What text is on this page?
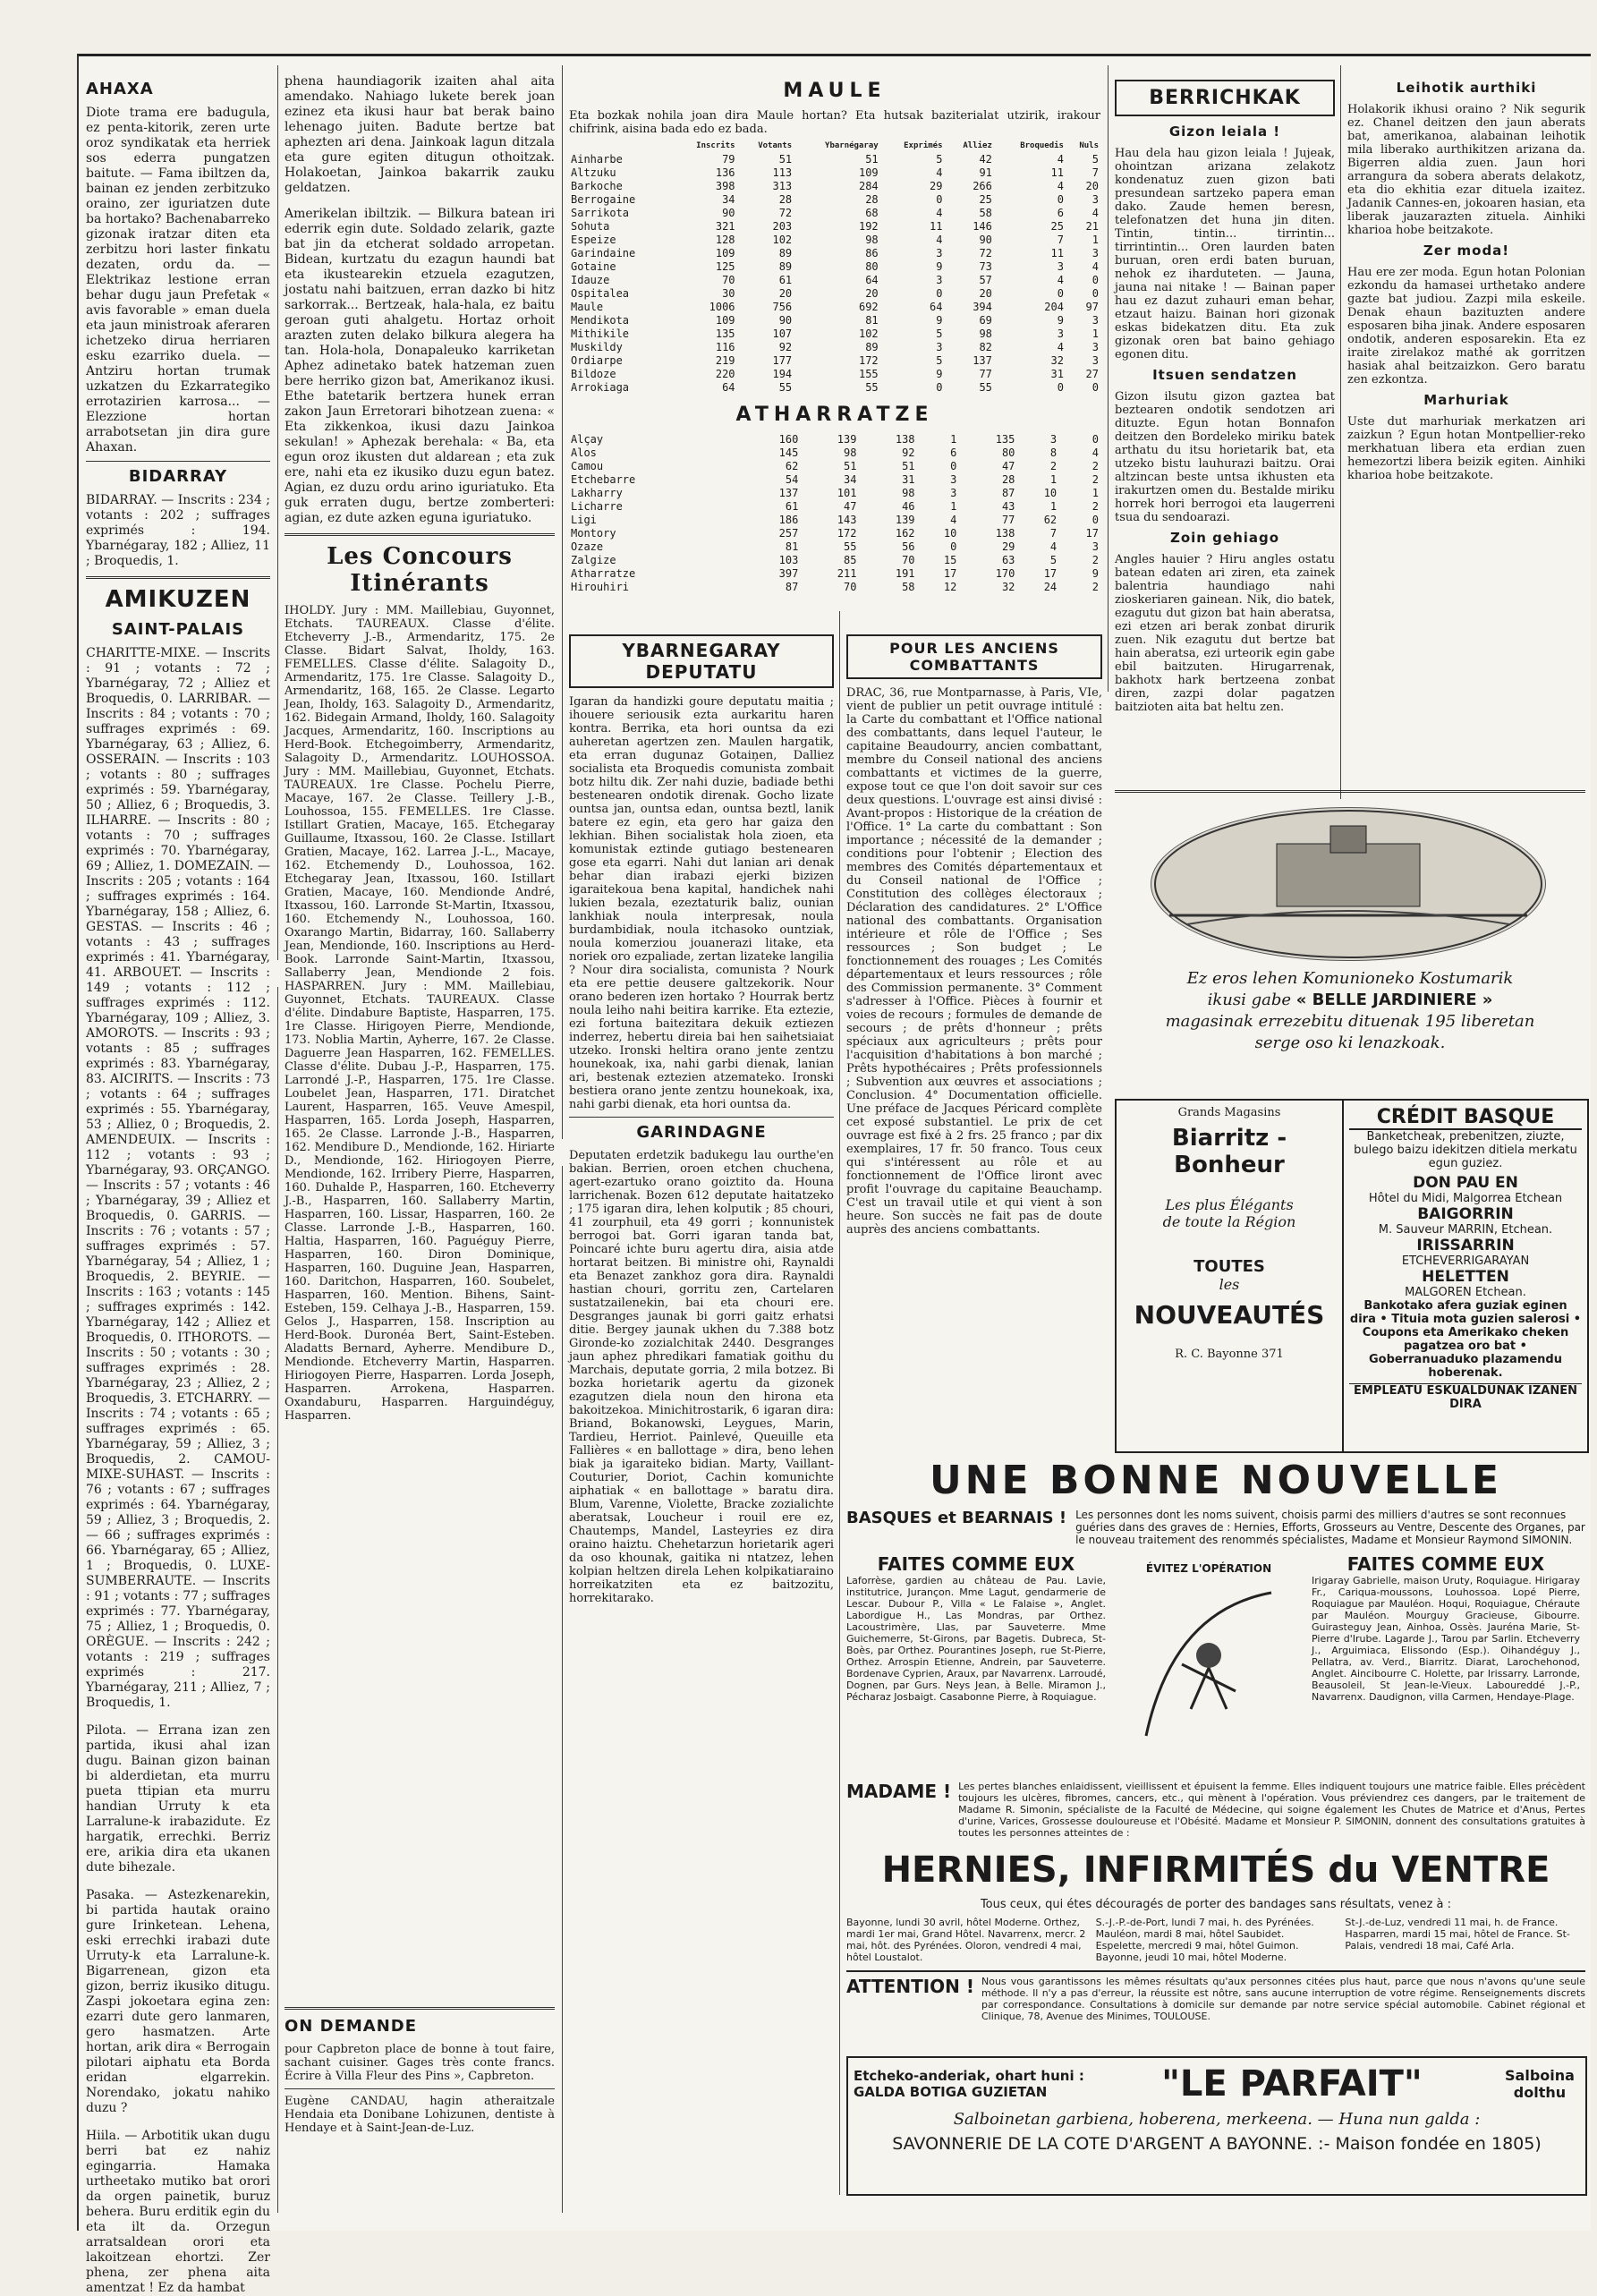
AHAXA

Diote trama ere badugula, ez penta-kitorik, zeren urte oroz syndikatak eta herriek sos ederra pungatzen baitute. — Fama ibiltzen da, bainan ez jenden zerbitzuko oraino, zer iguriatzen dute ba hortako? Bachenabarreko gizonak iratzar diten eta zerbitzu hori laster finkatu dezaten, ordu da. — Elektrikaz lestione erran behar dugu jaun Prefetak « avis favorable » eman duela eta jaun ministroak aferaren ichetzeko dirua herriaren esku ezarriko duela. — Antziru hortan trumak uzkatzen du Ezkarrategiko errotazirien karrosa... — Elezzione hortan arrabotsetan jin dira gure Ahaxan.

BIDARRAY

BIDARRAY. — Inscrits : 234 ; votants : 202 ; suffrages exprimés : 194. Ybarnégaray, 182 ; Alliez, 11 ; Broquedis, 1.

AMIKUZEN
SAINT-PALAIS

CHARITTE-MIXE. — Inscrits : 91 ; votants : 72 ; Ybarnégaray, 72 ; Alliez et Broquedis, 0. LARRIBAR. — Inscrits : 84 ; votants : 70 ; suffrages exprimés : 69. Ybarnégaray, 63 ; Alliez, 6. OSSERAIN. — Inscrits : 103 ; votants : 80 ; suffrages exprimés : 59. Ybarnégaray, 50 ; Alliez, 6 ; Broquedis, 3. ILHARRE. — Inscrits : 80 ; votants : 70 ; suffrages exprimés : 70. Ybarnégaray, 69 ; Alliez, 1. DOMEZAIN. — Inscrits : 205 ; votants : 164 ; suffrages exprimés : 164. Ybarnégaray, 158 ; Alliez, 6. GESTAS. — Inscrits : 46 ; votants : 43 ; suffrages exprimés : 41. Ybarnégaray, 41. ARBOUET. — Inscrits : 149 ; votants : 112 ; suffrages exprimés : 112. Ybarnégaray, 109 ; Alliez, 3. AMOROTS. — Inscrits : 93 ; votants : 85 ; suffrages exprimés : 83. Ybarnégaray, 83. AICIRITS. — Inscrits : 73 ; votants : 64 ; suffrages exprimés : 55. Ybarnégaray, 53 ; Alliez, 0 ; Broquedis, 2. AMENDEUIX. — Inscrits : 112 ; votants : 93 ; Ybarnégaray, 93. ORÇANGO. — Inscrits : 57 ; votants : 46 ; Ybarnégaray, 39 ; Alliez et Broquedis, 0. GARRIS. — Inscrits : 76 ; votants : 57 ; suffrages exprimés : 57. Ybarnégaray, 54 ; Alliez, 1 ; Broquedis, 2. BEYRIE. — Inscrits : 163 ; votants : 145 ; suffrages exprimés : 142. Ybarnégaray, 142 ; Alliez et Broquedis, 0. ITHOROTS. — Inscrits : 50 ; votants : 30 ; suffrages exprimés : 28. Ybarnégaray, 23 ; Alliez, 2 ; Broquedis, 3. ETCHARRY. — Inscrits : 74 ; votants : 65 ; suffrages exprimés : 65. Ybarnégaray, 59 ; Alliez, 3 ; Broquedis, 2. CAMOU-MIXE-SUHAST. — Inscrits : 76 ; votants : 67 ; suffrages exprimés : 64. Ybarnégaray, 59 ; Alliez, 3 ; Broquedis, 2. — 66 ; suffrages exprimés : 66. Ybarnégaray, 65 ; Alliez, 1 ; Broquedis, 0. LUXE-SUMBERRAUTE. — Inscrits : 91 ; votants : 77 ; suffrages exprimés : 77. Ybarnégaray, 75 ; Alliez, 1 ; Broquedis, 0. ORÈGUE. — Inscrits : 242 ; votants : 219 ; suffrages exprimés : 217. Ybarnégaray, 211 ; Alliez, 7 ; Broquedis, 1.

Pilota. — Errana izan zen partida, ikusi ahal izan dugu. Bainan gizon bainan bi alderdietan, eta murru pueta ttipian eta murru handian Urruty k eta Larralune-k irabazidute. Ez hargatik, errechki. Berriz ere, arikia dira eta ukanen dute bihezale.

Pasaka. — Astezkenarekin, bi partida hautak oraino gure Irinketean. Lehena, eski errechki irabazi dute Urruty-k eta Larralune-k. Bigarrenean, gizon eta gizon, berriz ikusiko ditugu. Zaspi jokoetara egina zen: ezarri dute gero lanmaren, gero hasmatzen. Arte hortan, arik dira « Berrogain pilotari aiphatu eta Borda eridan elgarrekin. Norendako, jokatu nahiko duzu ?

Hiila. — Arbotitik ukan dugu berri bat ez nahiz egingarria. Hamaka urtheetako mutiko bat orori da orgen painetik, buruz behera. Buru erditik egin du eta ilt da. Orzegun arratsaldean orori eta lakoitzean ehortzi. Zer phena, zer phena aita amentzat ! Ez da hambat

phena haundiagorik izaiten ahal aita amendako. Nahiago lukete berek joan ezinez eta ikusi haur bat berak baino lehenago juiten. Badute bertze bat aphezten ari dena. Jainkoak lagun ditzala eta gure egiten ditugun othoitzak. Holakoetan, Jainkoa bakarrik zauku geldatzen.

Amerikelan ibiltzik. — Bilkura batean iri ederrik egin dute. Soldado zelarik, gazte bat jin da etcherat soldado arropetan. Bidean, kurtzatu du ezagun haundi bat eta ikustearekin etzuela ezagutzen, jostatu nahi baitzuen, erran dazko bi hitz sarkorrak... Bertzeak, hala-hala, ez baitu geroan guti ahalgetu. Hortaz orhoit arazten zuten delako bilkura alegera ha tan. Hola-hola, Donapaleuko karriketan Aphez adinetako batek hatzeman zuen bere herriko gizon bat, Amerikanoz ikusi. Ethe batetarik bertzera hunek erran zakon Jaun Erretorari bihotzean zuena: « Eta zikkenkoa, ikusi dazu Jainkoa sekulan! » Aphezak berehala: « Ba, eta egun oroz ikusten dut aldarean ; eta zuk ere, nahi eta ez ikusiko duzu egun batez. Agian, ez duzu ordu arino iguriatuko. Eta guk erraten dugu, bertze zomberteri: agian, ez dute azken eguna iguriatuko.

Les Concours Itinérants

IHOLDY. Jury : MM. Maillebiau, Guyonnet, Etchats. TAUREAUX. Classe d'élite. Etcheverry J.-B., Armendaritz, 175. 2e Classe. Bidart Salvat, Iholdy, 163. FEMELLES. Classe d'élite. Salagoity D., Armendaritz, 175. 1re Classe. Salagoity D., Armendaritz, 168, 165. 2e Classe. Legarto Jean, Iholdy, 163. Salagoity D., Armendaritz, 162. Bidegain Armand, Iholdy, 160. Salagoity Jacques, Armendaritz, 160. Inscriptions au Herd-Book. Etchegoimberry, Armendaritz, Salagoity D., Armendaritz. LOUHOSSOA. Jury : MM. Maillebiau, Guyonnet, Etchats. TAUREAUX. 1re Classe. Pochelu Pierre, Macaye, 167. 2e Classe. Teillery J.-B., Louhossoa, 155. FEMELLES. 1re Classe. Istillart Gratien, Macaye, 165. Etchegaray Guillaume, Itxassou, 160. 2e Classe. Istillart Gratien, Macaye, 162. Larrea J.-L., Macaye, 162. Etchemendy D., Louhossoa, 162. Etchegaray Jean, Itxassou, 160. Istillart Gratien, Macaye, 160. Mendionde André, Itxassou, 160. Larronde St-Martin, Itxassou, 160. Etchemendy N., Louhossoa, 160. Oxarango Martin, Bidarray, 160. Sallaberry Jean, Mendionde, 160. Inscriptions au Herd-Book. Larronde Saint-Martin, Itxassou, Sallaberry Jean, Mendionde 2 fois. HASPARREN. Jury : MM. Maillebiau, Guyonnet, Etchats. TAUREAUX. Classe d'élite. Dindabure Baptiste, Hasparren, 175. 1re Classe. Hirigoyen Pierre, Mendionde, 173. Noblia Martin, Ayherre, 167. 2e Classe. Daguerre Jean Hasparren, 162. FEMELLES. Classe d'élite. Dubau J.-P., Hasparren, 175. Larrondé J.-P., Hasparren, 175. 1re Classe. Loubelet Jean, Hasparren, 171. Diratchet Laurent, Hasparren, 165. Veuve Amespil, Hasparren, 165. Lorda Joseph, Hasparren, 165. 2e Classe. Larronde J.-B., Hasparren, 162. Mendibure D., Mendionde, 162. Hiriarte D., Mendionde, 162. Hiriogoyen Pierre, Mendionde, 162. Irribery Pierre, Hasparren, 160. Duhalde P., Hasparren, 160. Etcheverry J.-B., Hasparren, 160. Sallaberry Martin, Hasparren, 160. Lissar, Hasparren, 160. 2e Classe. Larronde J.-B., Hasparren, 160. Haltia, Hasparren, 160. Paguéguy Pierre, Hasparren, 160. Diron Dominique, Hasparren, 160. Duguine Jean, Hasparren, 160. Daritchon, Hasparren, 160. Soubelet, Hasparren, 160. Mention. Bihens, Saint-Esteben, 159. Celhaya J.-B., Hasparren, 159. Gelos J., Hasparren, 158. Inscription au Herd-Book. Duronéa Bert, Saint-Esteben. Aladatts Bernard, Ayherre. Mendibure D., Mendionde. Etcheverry Martin, Hasparren. Hiriogoyen Pierre, Hasparren. Lorda Joseph, Hasparren. Arrokena, Hasparren. Oxandaburu, Hasparren. Harguindéguy, Hasparren.

ON DEMANDE

pour Capbreton place de bonne à tout faire, sachant cuisiner. Gages très conte francs. Écrire à Villa Fleur des Pins », Capbreton.

Eugène CANDAU, hagin atheraitzale Hendaia eta Donibane Lohizunen, dentiste à Hendaye et à Saint-Jean-de-Luz.

MAULE

Eta bozkak nohila joan dira Maule hortan? Eta hutsak baziterialat utzirik, irakour chifrink, aisina bada edo ez bada.

	Inscrits	Votants	Ybarnégaray	Exprimés	Alliez	Broquedis	Nuls
Ainharbe	79	51	51	5	42	4	5
Altzuku	136	113	109	4	91	11	7
Barkoche	398	313	284	29	266	4	20
Berrogaine	34	28	28	0	25	0	3
Sarrikota	90	72	68	4	58	6	4
Sohuta	321	203	192	11	146	25	21
Espeize	128	102	98	4	90	7	1
Garindaine	109	89	86	3	72	11	3
Gotaine	125	89	80	9	73	3	4
Idauze	70	61	64	3	57	4	0
Ospitalea	30	20	20	0	20	0	0
Maule	1006	756	692	64	394	204	97
Mendikota	109	90	81	9	69	9	3
Mithikile	135	107	102	5	98	3	1
Muskildy	116	92	89	3	82	4	3
Ordiarpe	219	177	172	5	137	32	3
Bildoze	220	194	155	9	77	31	27
Arrokiaga	64	55	55	0	55	0	0
ATHARRATZE
Alçay	160	139	138	1	135	3	0
Alos	145	98	92	6	80	8	4
Camou	62	51	51	0	47	2	2
Etchebarre	54	34	31	3	28	1	2
Lakharry	137	101	98	3	87	10	1
Licharre	61	47	46	1	43	1	2
Ligi	186	143	139	4	77	62	0
Montory	257	172	162	10	138	7	17
Ozaze	81	55	56	0	29	4	3
Zalgize	103	85	70	15	63	5	2
Atharratze	397	211	191	17	170	17	9
Hirouhiri	87	70	58	12	32	24	2
YBARNEGARAY DEPUTATU

Igaran da handizki goure deputatu maitia ; ihouere seriousik ezta aurkaritu haren kontra. Berrika, eta hori ountsa da ezi auheretan agertzen zen. Maulen hargatik, eta erran dugunaz Gotaiņen, Dalliez socialista eta Broquedis comunista zombait botz hiltu dik. Zer nahi duzie, badiade bethi bestenearen ondotik direnak. Gocho lizate ountsa jan, ountsa edan, ountsa beztl, lanik batere ez egin, eta gero har gaiza den lekhian. Bihen socialistak hola zioen, eta komunistak eztinde gutiago bestenearen gose eta egarri. Nahi dut lanian ari denak behar dian irabazi ejerki bizizen igaraitekoua bena kapital, handichek nahi lukien bezala, ezeztaturik baliz, ounian lankhiak noula interpresak, noula burdambidiak, noula itchasoko ountziak, noula komerziou jouanerazi litake, eta noriek oro ezpaliade, zertan lizateke langilia ? Nour dira socialista, comunista ? Nourk eta ere pettie deusere galtzekorik. Nour orano bederen izen hortako ? Hourrak bertz noula leiho nahi beitira karrike. Eta eztezie, ezi fortuna baitezitara dekuik eztiezen inderrez, hebertu direia bai hen saihetsiaiat utzeko. Ironski heltira orano jente zentzu hounekoak, ixa, nahi garbi dienak, lanian ari, bestenak eztezien atzemateko. Ironski bestiera orano jente zentzu hounekoak, ixa, nahi garbi dienak, eta hori ountsa da.

GARINDAGNE

Deputaten erdetzik badukegu lau ourthe'en bakian. Berrien, oroen etchen chuchena, agert-ezartuko orano goiztito da. Houna larrichenak. Bozen 612 deputate haitatzeko ; 175 igaran dira, lehen kolputik ; 85 chouri, 41 zourphuil, eta 49 gorri ; konnunistek berrogoi bat. Gorri igaran tanda bat, Poincaré ichte buru agertu dira, aisia atde hortarat beitzen. Bi ministre ohi, Raynaldi eta Benazet zankhoz gora dira. Raynaldi hastian chouri, gorritu zen, Cartelaren sustatzailenekin, bai eta chouri ere. Desgranges jaunak bi gorri gaitz erhatsi ditie. Bergey jaunak ukhen du 7.388 botz Gironde-ko zozialchitak 2440. Desgranges jaun aphez phredikari famatiak goithu du Marchais, deputate gorria, 2 mila botzez. Bi bozka horietarik agertu da gizonek ezagutzen diela noun den hirona eta bakoitzekoa. Minichitrostarik, 6 igaran dira: Briand, Bokanowski, Leygues, Marin, Tardieu, Herriot. Painlevé, Queuille eta Fallières « en ballottage » dira, beno lehen biak ja igaraiteko bidian. Marty, Vaillant-Couturier, Doriot, Cachin komunichte aiphatiak « en ballottage » baratu dira. Blum, Varenne, Violette, Bracke zozialichte aberatsak, Loucheur i rouil ere ez, Chautemps, Mandel, Lasteyries ez dira oraino haiztu. Chehetarzun horietarik ageri da oso khounak, gaitika ni ntatzez, lehen kolpian heltzen direla Lehen kolpikatiaraino horreikatziten eta ez baitzozitu, horrekitarako.

POUR LES ANCIENS COMBATTANTS

DRAC, 36, rue Montparnasse, à Paris, VIe, vient de publier un petit ouvrage intitulé : la Carte du combattant et l'Office national des combattants, dans lequel l'auteur, le capitaine Beaudourry, ancien combattant, membre du Conseil national des anciens combattants et victimes de la guerre, expose tout ce que l'on doit savoir sur ces deux questions. L'ouvrage est ainsi divisé : Avant-propos : Historique de la création de l'Office. 1° La carte du combattant : Son importance ; nécessité de la demander ; conditions pour l'obtenir ; Election des membres des Comités départementaux et du Conseil national de l'Office ; Constitution des collèges électoraux ; Déclaration des candidatures. 2° L'Office national des combattants. Organisation intérieure et rôle de l'Office ; Ses ressources ; Son budget ; Le fonctionnement des rouages ; Les Comités départementaux et leurs ressources ; rôle des Commission permanente. 3° Comment s'adresser à l'Office. Pièces à fournir et voies de recours ; formules de demande de secours ; de prêts d'honneur ; prêts spéciaux aux agriculteurs ; prêts pour l'acquisition d'habitations à bon marché ; Prêts hypothécaires ; Prêts professionnels ; Subvention aux œuvres et associations ; Conclusion. 4° Documentation officielle. Une préface de Jacques Péricard complète cet exposé substantiel. Le prix de cet ouvrage est fixé à 2 frs. 25 franco ; par dix exemplaires, 17 fr. 50 franco. Tous ceux qui s'intéressent au rôle et au fonctionnement de l'Office liront avec profit l'ouvrage du capitaine Beauchamp. C'est un travail utile et qui vient à son heure. Son succès ne fait pas de doute auprès des anciens combattants.

BERRICHKAK
Gizon leiala !

Hau dela hau gizon leiala ! Jujeak, ohointzan arizana zelakotz kondenatuz zuen gizon bati presundean sartzeko papera eman dako. Zaude hemen beresn, telefonatzen det huna jin diten. Tintin, tintin... tirrintin... tirrintintin... Oren laurden baten buruan, oren erdi baten buruan, nehok ez iharduteten. — Jauna, jauna nai nitake ! — Bainan paper hau ez dazut zuhauri eman behar, etzaut haizu. Bainan hori gizonak eskas bidekatzen ditu. Eta zuk gizonak oren bat baino gehiago egonen ditu.

Itsuen sendatzen

Gizon ilsutu gizon gaztea bat beztearen ondotik sendotzen ari dituzte. Egun hotan Bonnafon deitzen den Bordeleko miriku batek arthatu du itsu horietarik bat, eta utzeko bistu lauhurazi baitzu. Orai altzincan beste untsa ikhusten eta irakurtzen omen du. Bestalde miriku horrek hori berrogoi eta laugerreni tsua du sendoarazi.

Zoin gehiago

Angles hauier ? Hiru angles ostatu batean edaten ari ziren, eta zainek balentria haundiago nahi zioskeriaren gainean. Nik, dio batek, ezagutu dut gizon bat hain aberatsa, ezi etzen ari berak zonbat dirurik zuen. Nik ezagutu dut bertze bat hain aberatsa, ezi urteorik egin gabe ebil baitzuten. Hirugarrenak, bakhotx hark bertzeena zonbat diren, zazpi dolar pagatzen baitzioten aita bat heltu zen.

Leihotik aurthiki

Holakorik ikhusi oraino ? Nik segurik ez. Chanel deitzen den jaun aberats bat, amerikanoa, alabainan leihotik mila liberako aurthikitzen arizana da. Bigerren aldia zuen. Jaun hori arrangura da sobera aberats delakotz, eta dio ekhitia ezar dituela izaitez. Jadanik Cannes-en, jokoaren hasian, eta liberak jauzarazten zituela. Ainhiki kharioa hobe beitzakote.

Zer moda!

Hau ere zer moda. Egun hotan Polonian ezkondu da hamasei urthetako andere gazte bat judiou. Zazpi mila eskeile. Denak ehaun bazituzten andere esposaren biha jinak. Andere esposaren ondotik, anderen esposarekin. Eta ez iraite zirelakoz mathé ak gorritzen hasiak ahal beitzaizkon. Gero baratu zen ezkontza.

Marhuriak

Uste dut marhuriak merkatzen ari zaizkun ? Egun hotan Montpellier-reko merkhatuan libera eta erdian zuen hemezortzi libera beizik egiten. Ainhiki kharioa hobe beitzakote.

Ez eros lehen Komunioneko Kostumarik
ikusi gabe « BELLE JARDINIERE »
magasinak errezebitu dituenak 195 liberetan
serge oso ki lenazkoak.
Grands Magasins
Biarritz - Bonheur
Les plus Élégants
de toute la Région
TOUTES
les
NOUVEAUTÉS
R. C. Bayonne 371
CRÉDIT BASQUE

Banketcheak, prebenitzen, ziuzte, bulego baizu idekitzen ditiela merkatu egun guziez.

DON PAU EN
Hôtel du Midi, Malgorrea Etchean
BAIGORRIN
M. Sauveur MARRIN, Etchean.
IRISSARRIN
ETCHEVERRIGARAYAN
HELETTEN
MALGOREN Etchean.

Bankotako afera guziak eginen dira • Tituia mota guzien salerosi • Coupons eta Amerikako cheken pagatzea oro bat • Goberranuaduko plazamendu hoberenak.

EMPLEATU ESKUALDUNAK IZANEN DIRA
UNE BONNE NOUVELLE
BASQUES et BEARNAIS ! Les personnes dont les noms suivent, choisis parmi des milliers d'autres se sont reconnues guéries dans des graves de : Hernies, Efforts, Grosseurs au Ventre, Descente des Organes, par le nouveau traitement des renommés spécialistes, Madame et Monsieur Raymond SIMONIN.
FAITES COMME EUX

Laforrèse, gardien au château de Pau. Lavie, institutrice, Jurançon. Mme Lagut, gendarmerie de Lescar. Dubour P., Villa « Le Falaise », Anglet. Labordigue H., Las Mondras, par Orthez. Lacoustrimère, Llas, par Sauveterre. Mme Guichemerre, St-Girons, par Bagetis. Dubreca, St-Boès, par Orthez. Pourantines Joseph, rue St-Pierre, Orthez. Arrospin Etienne, Andrein, par Sauveterre. Bordenave Cyprien, Araux, par Navarrenx. Larroudé, Dognen, par Gurs. Neys Jean, à Belle. Miramon J., Pécharaz Josbaigt. Casabonne Pierre, à Roquiague.

ÉVITEZ L'OPÉRATION	FAITES COMME EUX

Irigaray Gabrielle, maison Uruty, Roquiague. Hirigaray Fr., Cariqua-moussons, Louhossoa. Lopé Pierre, Roquiague par Mauléon. Hoqui, Roquiague, Chéraute par Mauléon. Mourguy Gracieuse, Gibourre. Guirasteguy Jean, Ainhoa, Ossès. Jauréna Marie, St-Pierre d'Irube. Lagarde J., Tarou par Sarlin. Etcheverry J., Arguimiaca, Elissondo (Esp.). Oihandéguy J., Pellatra, av. Verd., Biarritz. Diarat, Larochehonod, Anglet. Aincibourre C. Holette, par Irissarry. Larronde, Beausoleil, St Jean-le-Vieux. Laboureddé J.-P., Navarrenx. Daudignon, villa Carmen, Hendaye-Plage.

MADAME ! Les pertes blanches enlaidissent, vieillissent et épuisent la femme. Elles indiquent toujours une matrice faible. Elles précèdent toujours les ulcères, fibromes, cancers, etc., qui mènent à l'opération. Vous préviendrez ces dangers, par le traitement de Madame R. Simonin, spécialiste de la Faculté de Médecine, qui soigne également les Chutes de Matrice et d'Anus, Pertes d'urine, Varices, Grossesse douloureuse et l'Obésité. Madame et Monsieur P. SIMONIN, donnent des consultations gratuites à toutes les personnes atteintes de :

HERNIES, INFIRMITÉS du VENTRE
Tous ceux, qui étes découragés de porter des bandages sans résultats, venez à :
Bayonne, lundi 30 avril, hôtel Moderne. Orthez, mardi 1er mai, Grand Hôtel. Navarrenx, mercr. 2 mai, hôt. des Pyrénées. Oloron, vendredi 4 mai, hôtel Loustalot.
S.-J.-P.-de-Port, lundi 7 mai, h. des Pyrénées. Mauléon, mardi 8 mai, hôtel Saubidet. Espelette, mercredi 9 mai, hôtel Guimon. Bayonne, jeudi 10 mai, hôtel Moderne.
St-J.-de-Luz, vendredi 11 mai, h. de France. Hasparren, mardi 15 mai, hôtel de France. St-Palais, vendredi 18 mai, Café Arla.
ATTENTION ! Nous vous garantissons les mêmes résultats qu'aux personnes citées plus haut, parce que nous n'avons qu'une seule méthode. Il n'y a pas d'erreur, la réussite est nôtre, sans aucune interruption de votre régime. Renseignements discrets par correspondance. Consultations à domicile sur demande par notre service spécial automobile. Cabinet régional et Clinique, 78, Avenue des Minimes, TOULOUSE.

Etcheko-anderiak, ohart huni :
GALDA BOTIGA GUZIETAN	"LE PARFAIT"	Salboina dolthu
Salboinetan garbiena, hoberena, merkeena. — Huna nun galda :
SAVONNERIE DE LA COTE D'ARGENT A BAYONNE. :- Maison fondée en 1805)
